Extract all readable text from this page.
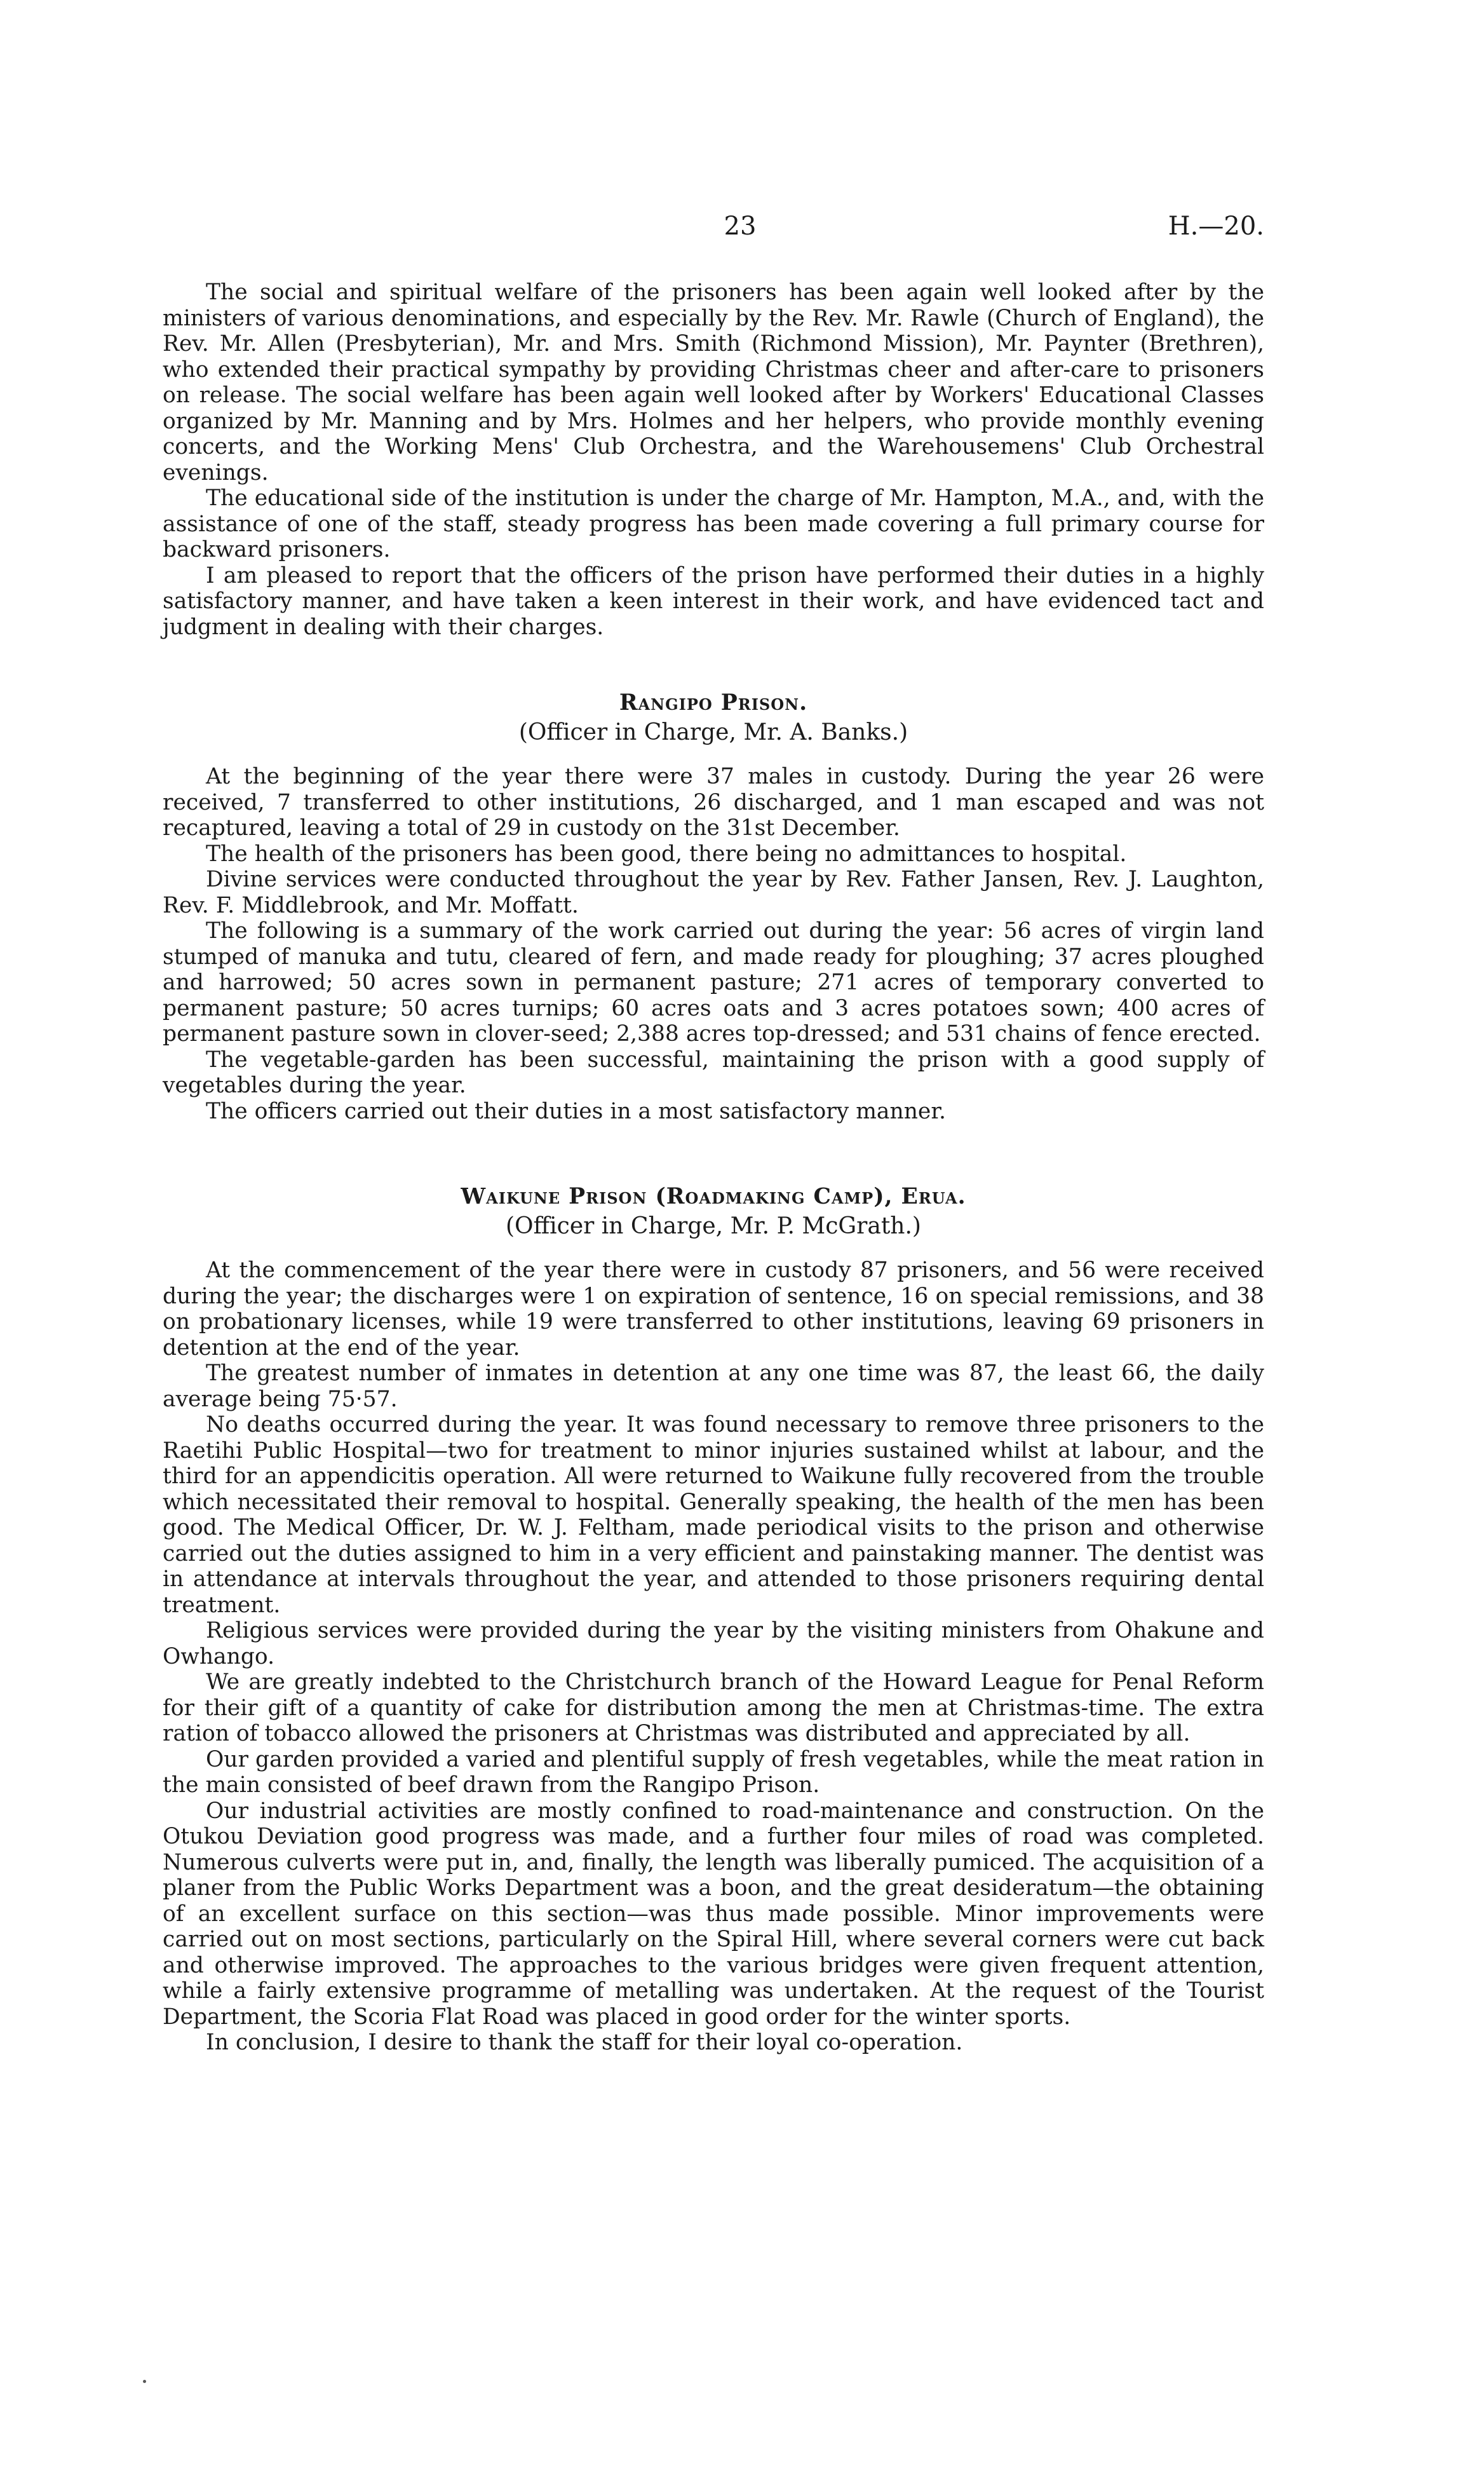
23	H.—20.

The social and spiritual welfare of the prisoners has been again well looked after by the ministers of various denominations, and especially by the Rev. Mr. Rawle (Church of England), the Rev. Mr. Allen (Presbyterian), Mr. and Mrs. Smith (Richmond Mission), Mr. Paynter (Brethren), who extended their practical sympathy by providing Christmas cheer and after-care to prisoners on release. The social welfare has been again well looked after by Workers' Educational Classes organized by Mr. Manning and by Mrs. Holmes and her helpers, who provide monthly evening concerts, and the Working Mens' Club Orchestra, and the Warehousemens' Club Orchestral evenings.

The educational side of the institution is under the charge of Mr. Hampton, M.A., and, with the assistance of one of the staff, steady progress has been made covering a full primary course for backward prisoners.

I am pleased to report that the officers of the prison have performed their duties in a highly satisfactory manner, and have taken a keen interest in their work, and have evidenced tact and judgment in dealing with their charges.

Rangipo Prison.

(Officer in Charge, Mr. A. Banks.)

At the beginning of the year there were 37 males in custody. During the year 26 were received, 7 transferred to other institutions, 26 discharged, and 1 man escaped and was not recaptured, leaving a total of 29 in custody on the 31st December.

The health of the prisoners has been good, there being no admittances to hospital.

Divine services were conducted throughout the year by Rev. Father Jansen, Rev. J. Laughton, Rev. F. Middlebrook, and Mr. Moffatt.

The following is a summary of the work carried out during the year: 56 acres of virgin land stumped of manuka and tutu, cleared of fern, and made ready for ploughing; 37 acres ploughed and harrowed; 50 acres sown in permanent pasture; 271 acres of temporary converted to permanent pasture; 50 acres turnips; 60 acres oats and 3 acres potatoes sown; 400 acres of permanent pasture sown in clover-seed; 2,388 acres top-dressed; and 531 chains of fence erected.

The vegetable-garden has been successful, maintaining the prison with a good supply of vegetables during the year.

The officers carried out their duties in a most satisfactory manner.

Waikune Prison (Roadmaking Camp), Erua.

(Officer in Charge, Mr. P. McGrath.)

At the commencement of the year there were in custody 87 prisoners, and 56 were received during the year; the discharges were 1 on expiration of sentence, 16 on special remissions, and 38 on probationary licenses, while 19 were transferred to other institutions, leaving 69 prisoners in detention at the end of the year.

The greatest number of inmates in detention at any one time was 87, the least 66, the daily average being 75·57.

No deaths occurred during the year. It was found necessary to remove three prisoners to the Raetihi Public Hospital—two for treatment to minor injuries sustained whilst at labour, and the third for an appendicitis operation. All were returned to Waikune fully recovered from the trouble which necessitated their removal to hospital. Generally speaking, the health of the men has been good. The Medical Officer, Dr. W. J. Feltham, made periodical visits to the prison and otherwise carried out the duties assigned to him in a very efficient and painstaking manner. The dentist was in attendance at intervals throughout the year, and attended to those prisoners requiring dental treatment.

Religious services were provided during the year by the visiting ministers from Ohakune and Owhango.

We are greatly indebted to the Christchurch branch of the Howard League for Penal Reform for their gift of a quantity of cake for distribution among the men at Christmas-time. The extra ration of tobacco allowed the prisoners at Christmas was distributed and appreciated by all.

Our garden provided a varied and plentiful supply of fresh vegetables, while the meat ration in the main consisted of beef drawn from the Rangipo Prison.

Our industrial activities are mostly confined to road-maintenance and construction. On the Otukou Deviation good progress was made, and a further four miles of road was completed. Numerous culverts were put in, and, finally, the length was liberally pumiced. The acquisition of a planer from the Public Works Department was a boon, and the great desideratum—the obtaining of an excellent surface on this section—was thus made possible. Minor improvements were carried out on most sections, particularly on the Spiral Hill, where several corners were cut back and otherwise improved. The approaches to the various bridges were given frequent attention, while a fairly extensive programme of metalling was undertaken. At the request of the Tourist Department, the Scoria Flat Road was placed in good order for the winter sports.

In conclusion, I desire to thank the staff for their loyal co-operation.
